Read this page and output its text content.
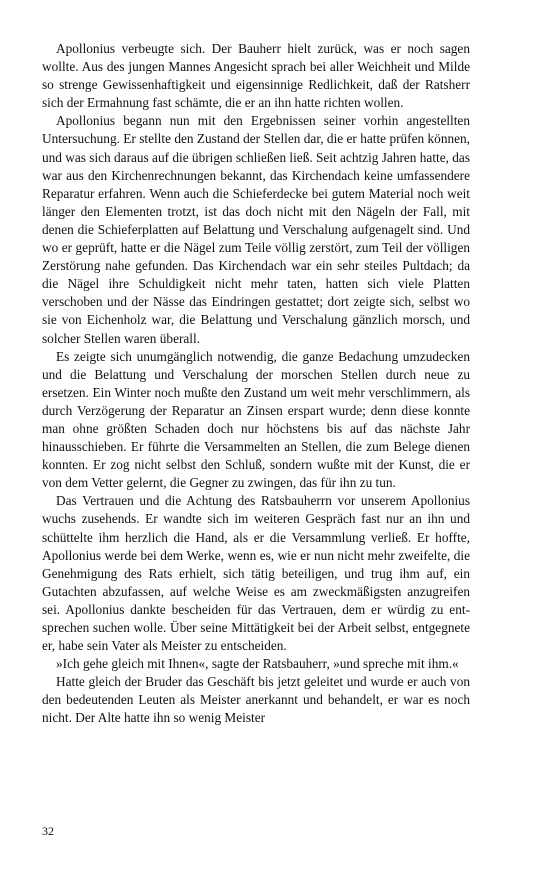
Apollonius verbeugte sich. Der Bauherr hielt zurück, was er noch sagen wollte. Aus des jungen Mannes Angesicht sprach bei aller Weichheit und Milde so strenge Gewissenhaftigkeit und eigensinnige Redlichkeit, daß der Ratsherr sich der Ermahnung fast schämte, die er an ihn hatte richten wollen.

Apollonius begann nun mit den Ergebnissen seiner vorhin angestellten Untersuchung. Er stellte den Zustand der Stellen dar, die er hatte prüfen können, und was sich daraus auf die übrigen schließen ließ. Seit achtzig Jahren hatte, das war aus den Kirchenrechnungen bekannt, das Kirchendach keine umfassendere Reparatur erfahren. Wenn auch die Schieferdecke bei gutem Material noch weit länger den Elementen trotzt, ist das doch nicht mit den Nägeln der Fall, mit denen die Schieferplatten auf Belattung und Verschalung aufgenagelt sind. Und wo er geprüft, hatte er die Nägel zum Teile völlig zerstört, zum Teil der völligen Zerstörung nahe gefunden. Das Kirchendach war ein sehr steiles Pultdach; da die Nägel ihre Schuldigkeit nicht mehr taten, hatten sich viele Platten verschoben und der Nässe das Eindringen gestattet; dort zeigte sich, selbst wo sie von Eichenholz war, die Belattung und Verschalung gänzlich morsch, und solcher Stellen waren überall.

Es zeigte sich unumgänglich notwendig, die ganze Bedachung umzudecken und die Belattung und Verschalung der morschen Stellen durch neue zu ersetzen. Ein Winter noch mußte den Zustand um weit mehr verschlimmern, als durch Verzögerung der Reparatur an Zinsen erspart wurde; denn diese konnte man ohne größten Schaden doch nur höchstens bis auf das nächste Jahr hinausschieben. Er führte die Versammelten an Stellen, die zum Belege dienen konnten. Er zog nicht selbst den Schluß, sondern wußte mit der Kunst, die er von dem Vetter gelernt, die Gegner zu zwingen, das für ihn zu tun.

Das Vertrauen und die Achtung des Ratsbauherrn vor unserem Apollonius wuchs zusehends. Er wandte sich im weiteren Gespräch fast nur an ihn und schüttelte ihm herzlich die Hand, als er die Versammlung verließ. Er hoffte, Apollonius werde bei dem Werke, wenn es, wie er nun nicht mehr zweifelte, die Genehmigung des Rats erhielt, sich tätig beteiligen, und trug ihm auf, ein Gutachten abzufassen, auf welche Weise es am zweckmäßigsten anzugreifen sei. Apollonius dankte bescheiden für das Vertrauen, dem er würdig zu entsprechen suchen wolle. Über seine Mittätigkeit bei der Arbeit selbst, entgegnete er, habe sein Vater als Meister zu entscheiden.

»Ich gehe gleich mit Ihnen«, sagte der Ratsbauherr, »und spreche mit ihm.«

Hatte gleich der Bruder das Geschäft bis jetzt geleitet und wurde er auch von den bedeutenden Leuten als Meister anerkannt und behandelt, er war es noch nicht. Der Alte hatte ihn so wenig Meister

32
